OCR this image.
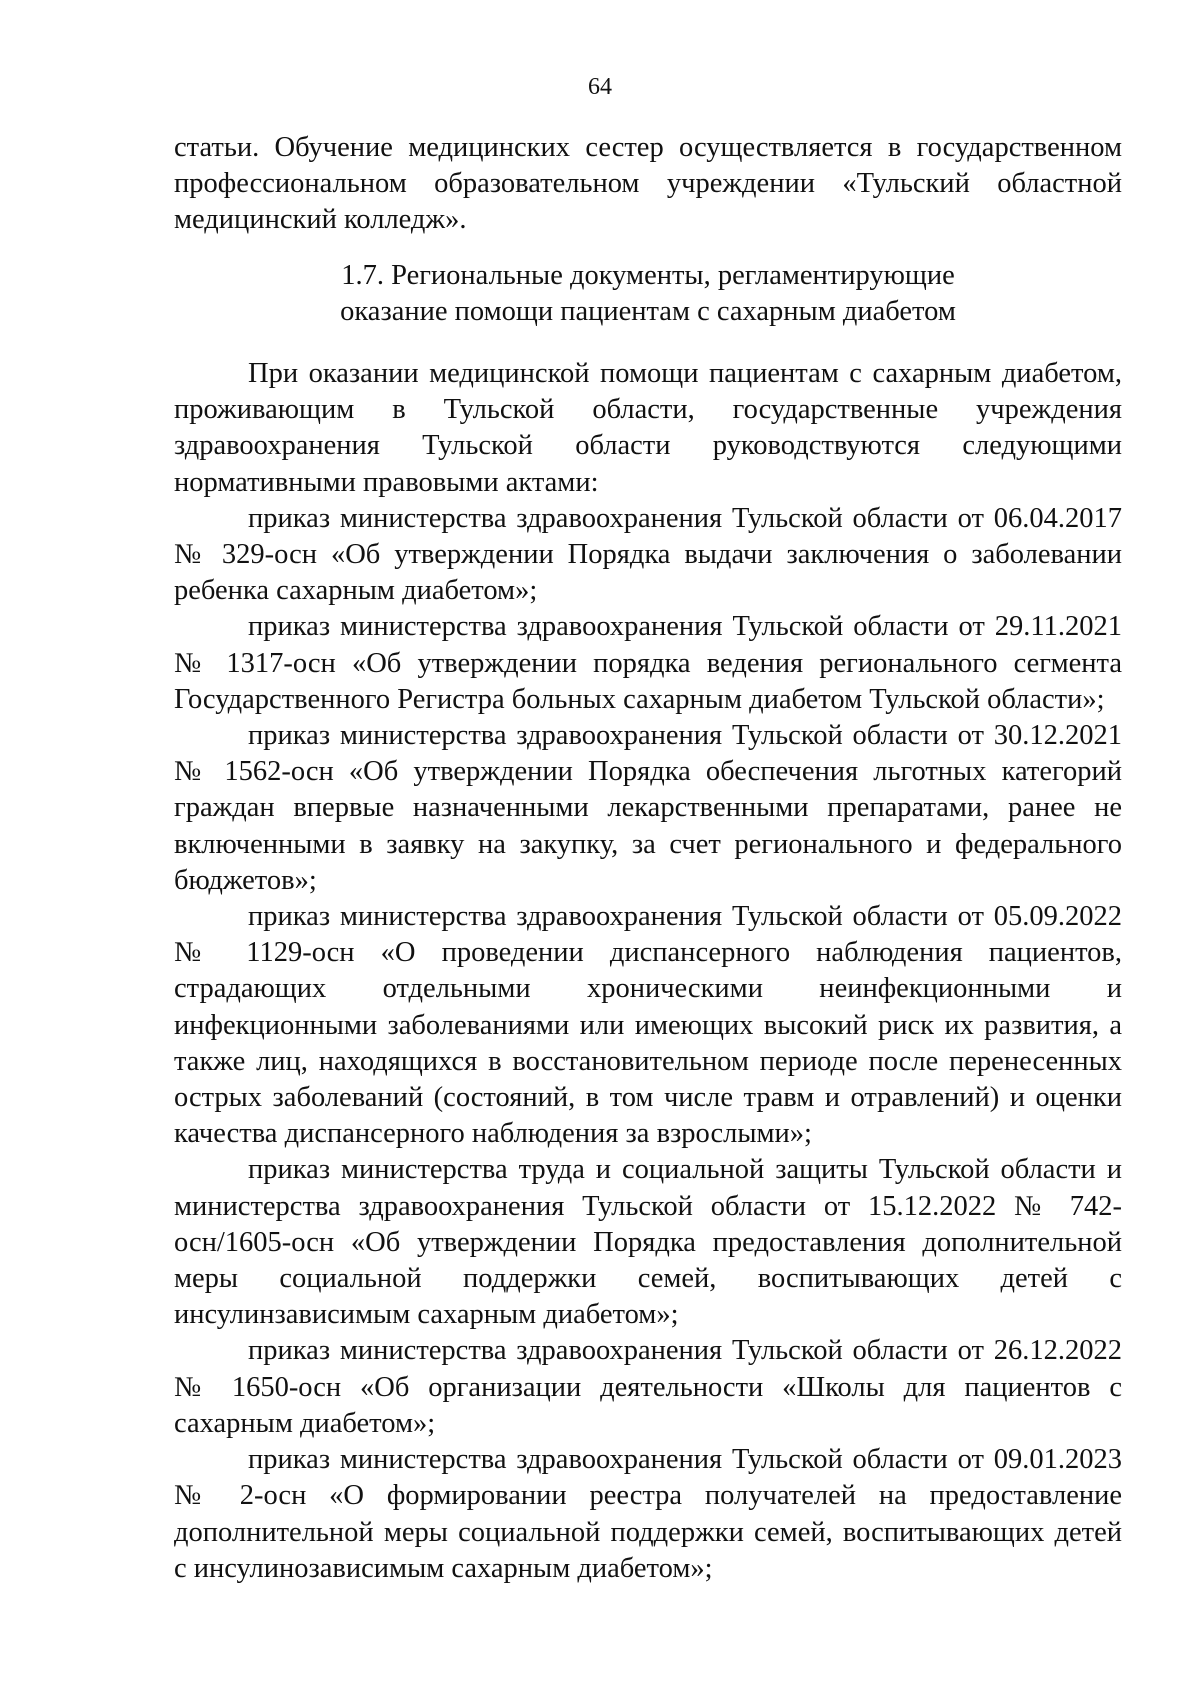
64

статьи. Обучение медицинских сестер осуществляется в государственном профессиональном образовательном учреждении «Тульский областной медицинский колледж».

1.7. Региональные документы, регламентирующие
оказание помощи пациентам с сахарным диабетом

При оказании медицинской помощи пациентам с сахарным диабетом, проживающим в Тульской области, государственные учреждения здравоохранения Тульской области руководствуются следующими нормативными правовыми актами:

приказ министерства здравоохранения Тульской области от 06.04.2017 № 329-осн «Об утверждении Порядка выдачи заключения о заболевании ребенка сахарным диабетом»;

приказ министерства здравоохранения Тульской области от 29.11.2021 № 1317-осн «Об утверждении порядка ведения регионального сегмента Государственного Регистра больных сахарным диабетом Тульской области»;

приказ министерства здравоохранения Тульской области от 30.12.2021 № 1562-осн «Об утверждении Порядка обеспечения льготных категорий граждан впервые назначенными лекарственными препаратами, ранее не включенными в заявку на закупку, за счет регионального и федерального бюджетов»;

приказ министерства здравоохранения Тульской области от 05.09.2022 № 1129-осн «О проведении диспансерного наблюдения пациентов, страдающих отдельными хроническими неинфекционными и инфекционными заболеваниями или имеющих высокий риск их развития, а также лиц, находящихся в восстановительном периоде после перенесенных острых заболеваний (состояний, в том числе травм и отравлений) и оценки качества диспансерного наблюдения за взрослыми»;

приказ министерства труда и социальной защиты Тульской области и министерства здравоохранения Тульской области от 15.12.2022 № 742-осн/1605-осн «Об утверждении Порядка предоставления дополнительной меры социальной поддержки семей, воспитывающих детей с инсулинзависимым сахарным диабетом»;

приказ министерства здравоохранения Тульской области от 26.12.2022 № 1650-осн «Об организации деятельности «Школы для пациентов с сахарным диабетом»;

приказ министерства здравоохранения Тульской области от 09.01.2023 № 2-осн «О формировании реестра получателей на предоставление дополнительной меры социальной поддержки семей, воспитывающих детей с инсулинозависимым сахарным диабетом»;
